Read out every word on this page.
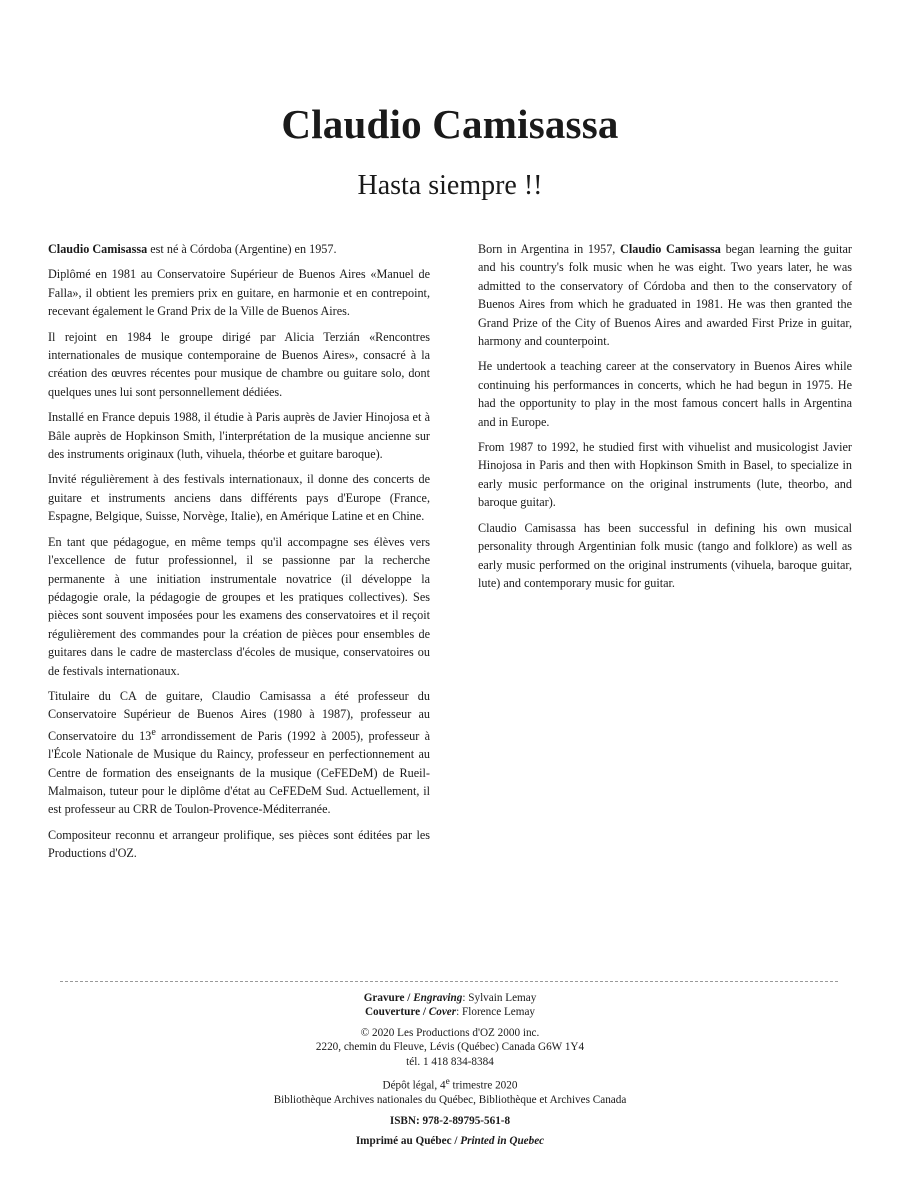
Claudio Camisassa
Hasta siempre !!

Claudio Camisassa est né à Córdoba (Argentine) en 1957.

Diplômé en 1981 au Conservatoire Supérieur de Buenos Aires «Manuel de Falla», il obtient les premiers prix en guitare, en harmonie et en contrepoint, recevant également le Grand Prix de la Ville de Buenos Aires.

Il rejoint en 1984 le groupe dirigé par Alicia Terzián «Rencontres internationales de musique contemporaine de Buenos Aires», consacré à la création des œuvres récentes pour musique de chambre ou guitare solo, dont quelques unes lui sont personnellement dédiées.

Installé en France depuis 1988, il étudie à Paris auprès de Javier Hinojosa et à Bâle auprès de Hopkinson Smith, l'interprétation de la musique ancienne sur des instruments originaux (luth, vihuela, théorbe et guitare baroque).

Invité régulièrement à des festivals internationaux, il donne des concerts de guitare et instruments anciens dans différents pays d'Europe (France, Espagne, Belgique, Suisse, Norvège, Italie), en Amérique Latine et en Chine.

En tant que pédagogue, en même temps qu'il accompagne ses élèves vers l'excellence de futur professionnel, il se passionne par la recherche permanente à une initiation instrumentale novatrice (il développe la pédagogie orale, la pédagogie de groupes et les pratiques collectives). Ses pièces sont souvent imposées pour les examens des conservatoires et il reçoit régulièrement des commandes pour la création de pièces pour ensembles de guitares dans le cadre de masterclass d'écoles de musique, conservatoires ou de festivals internationaux.

Titulaire du CA de guitare, Claudio Camisassa a été professeur du Conservatoire Supérieur de Buenos Aires (1980 à 1987), professeur au Conservatoire du 13e arrondissement de Paris (1992 à 2005), professeur à l'École Nationale de Musique du Raincy, professeur en perfectionnement au Centre de formation des enseignants de la musique (CeFEDeM) de Rueil-Malmaison, tuteur pour le diplôme d'état au CeFEDeM Sud. Actuellement, il est professeur au CRR de Toulon-Provence-Méditerranée.

Compositeur reconnu et arrangeur prolifique, ses pièces sont éditées par les Productions d'OZ.

Born in Argentina in 1957, Claudio Camisassa began learning the guitar and his country's folk music when he was eight. Two years later, he was admitted to the conservatory of Córdoba and then to the conservatory of Buenos Aires from which he graduated in 1981. He was then granted the Grand Prize of the City of Buenos Aires and awarded First Prize in guitar, harmony and counterpoint.

He undertook a teaching career at the conservatory in Buenos Aires while continuing his performances in concerts, which he had begun in 1975. He had the opportunity to play in the most famous concert halls in Argentina and in Europe.

From 1987 to 1992, he studied first with vihuelist and musicologist Javier Hinojosa in Paris and then with Hopkinson Smith in Basel, to specialize in early music performance on the original instruments (lute, theorbo, and baroque guitar).

Claudio Camisassa has been successful in defining his own musical personality through Argentinian folk music (tango and folklore) as well as early music performed on the original instruments (vihuela, baroque guitar, lute) and contemporary music for guitar.

Gravure / Engraving: Sylvain Lemay
Couverture / Cover: Florence Lemay
© 2020 Les Productions d'OZ 2000 inc.
2220, chemin du Fleuve, Lévis (Québec) Canada G6W 1Y4
tél. 1 418 834-8384
Dépôt légal, 4e trimestre 2020
Bibliothèque Archives nationales du Québec, Bibliothèque et Archives Canada
ISBN: 978-2-89795-561-8
Imprimé au Québec / Printed in Quebec
